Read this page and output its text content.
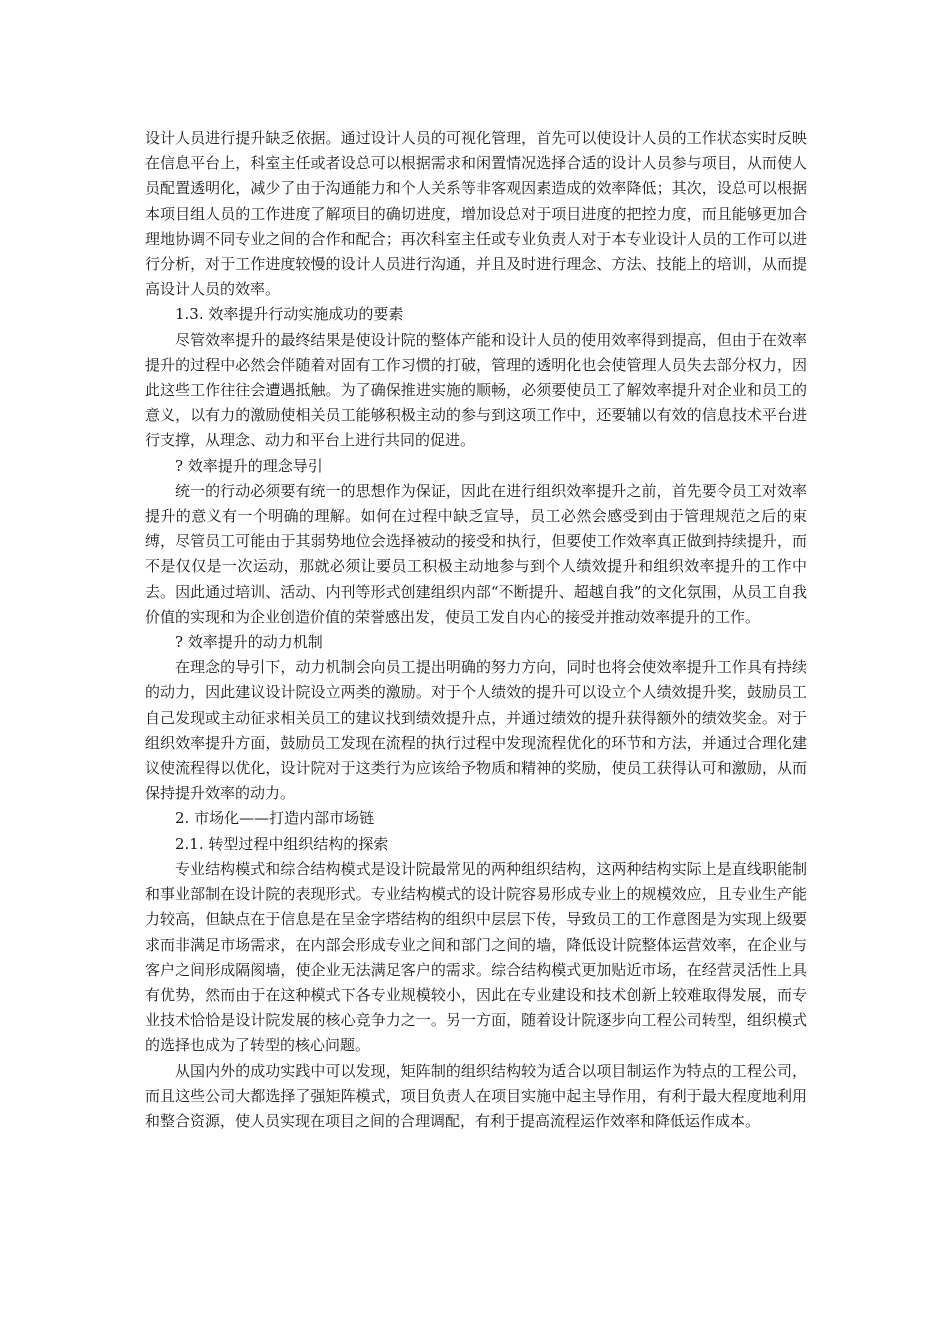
设计人员进行提升缺乏依据。通过设计人员的可视化管理，首先可以使设计人员的工作状态实时反映在信息平台上，科室主任或者设总可以根据需求和闲置情况选择合适的设计人员参与项目，从而使人员配置透明化，减少了由于沟通能力和个人关系等非客观因素造成的效率降低；其次，设总可以根据本项目组人员的工作进度了解项目的确切进度，增加设总对于项目进度的把控力度，而且能够更加合理地协调不同专业之间的合作和配合；再次科室主任或专业负责人对于本专业设计人员的工作可以进行分析，对于工作进度较慢的设计人员进行沟通，并且及时进行理念、方法、技能上的培训，从而提高设计人员的效率。

1.3. 效率提升行动实施成功的要素

尽管效率提升的最终结果是使设计院的整体产能和设计人员的使用效率得到提高，但由于在效率提升的过程中必然会伴随着对固有工作习惯的打破，管理的透明化也会使管理人员失去部分权力，因此这些工作往往会遭遇抵触。为了确保推进实施的顺畅，必须要使员工了解效率提升对企业和员工的意义，以有力的激励使相关员工能够积极主动的参与到这项工作中，还要辅以有效的信息技术平台进行支撑，从理念、动力和平台上进行共同的促进。

? 效率提升的理念导引

统一的行动必须要有统一的思想作为保证，因此在进行组织效率提升之前，首先要令员工对效率提升的意义有一个明确的理解。如何在过程中缺乏宣导，员工必然会感受到由于管理规范之后的束缚，尽管员工可能由于其弱势地位会选择被动的接受和执行，但要使工作效率真正做到持续提升，而不是仅仅是一次运动，那就必须让要员工积极主动地参与到个人绩效提升和组织效率提升的工作中去。因此通过培训、活动、内刊等形式创建组织内部“不断提升、超越自我”的文化氛围，从员工自我价值的实现和为企业创造价值的荣誉感出发，使员工发自内心的接受并推动效率提升的工作。

? 效率提升的动力机制

在理念的导引下，动力机制会向员工提出明确的努力方向，同时也将会使效率提升工作具有持续的动力，因此建议设计院设立两类的激励。对于个人绩效的提升可以设立个人绩效提升奖，鼓励员工自己发现或主动征求相关员工的建议找到绩效提升点，并通过绩效的提升获得额外的绩效奖金。对于组织效率提升方面，鼓励员工发现在流程的执行过程中发现流程优化的环节和方法，并通过合理化建议使流程得以优化，设计院对于这类行为应该给予物质和精神的奖励，使员工获得认可和激励，从而保持提升效率的动力。

2. 市场化——打造内部市场链

2.1. 转型过程中组织结构的探索

专业结构模式和综合结构模式是设计院最常见的两种组织结构，这两种结构实际上是直线职能制和事业部制在设计院的表现形式。专业结构模式的设计院容易形成专业上的规模效应，且专业生产能力较高，但缺点在于信息是在呈金字塔结构的组织中层层下传，导致员工的工作意图是为实现上级要求而非满足市场需求，在内部会形成专业之间和部门之间的墙，降低设计院整体运营效率，在企业与客户之间形成隔阂墙，使企业无法满足客户的需求。综合结构模式更加贴近市场，在经营灵活性上具有优势，然而由于在这种模式下各专业规模较小，因此在专业建设和技术创新上较难取得发展，而专业技术恰恰是设计院发展的核心竞争力之一。另一方面，随着设计院逐步向工程公司转型，组织模式的选择也成为了转型的核心问题。

从国内外的成功实践中可以发现，矩阵制的组织结构较为适合以项目制运作为特点的工程公司，而且这些公司大都选择了强矩阵模式，项目负责人在项目实施中起主导作用，有利于最大程度地利用和整合资源，使人员实现在项目之间的合理调配，有利于提高流程运作效率和降低运作成本。
